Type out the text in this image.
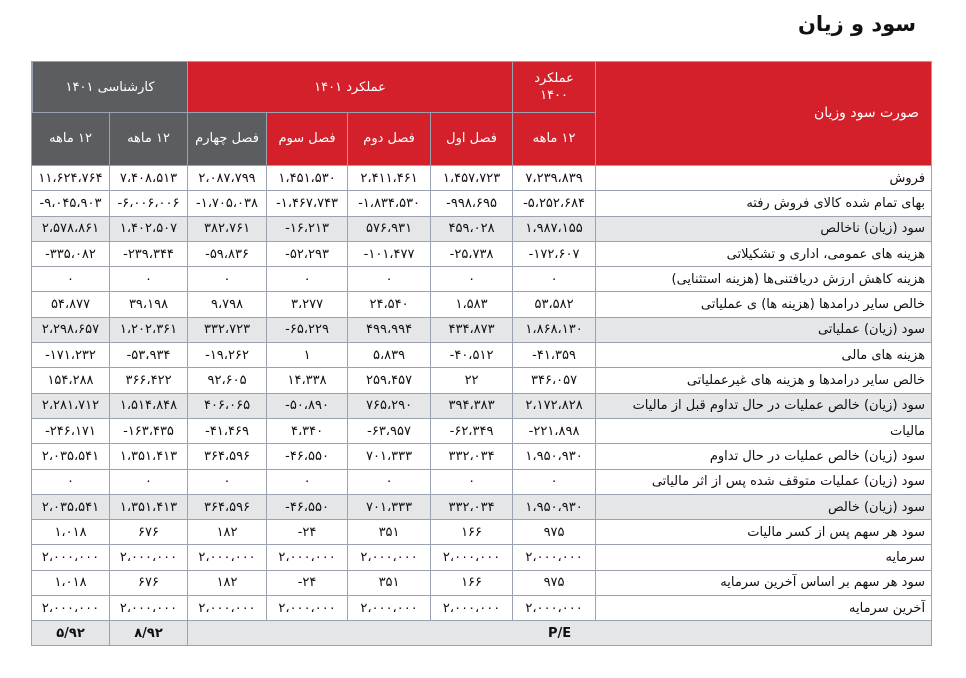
سود و زیان
صورت سود وزیان	عملکرد ۱۴۰۰	عملکرد ۱۴۰۱				کارشناسی ۱۴۰۱

	۱۲ ماهه	فصل اول	فصل دوم	فصل سوم	فصل چهارم	۱۲ ماهه	۱۲ ماهه	
فروش	۷،۲۳۹،۸۳۹	۱،۴۵۷،۷۲۳	۲،۴۱۱،۴۶۱	۱،۴۵۱،۵۳۰	۲،۰۸۷،۷۹۹	۷،۴۰۸،۵۱۳	۱۱،۶۲۴،۷۶۴	
بهای تمام شده کالای فروش رفته	-۵،۲۵۲،۶۸۴	-۹۹۸،۶۹۵	-۱،۸۳۴،۵۳۰	-۱،۴۶۷،۷۴۳	-۱،۷۰۵،۰۳۸	-۶،۰۰۶،۰۰۶	-۹،۰۴۵،۹۰۳	
سود (زیان) ناخالص	۱،۹۸۷،۱۵۵	۴۵۹،۰۲۸	۵۷۶،۹۳۱	-۱۶،۲۱۳	۳۸۲،۷۶۱	۱،۴۰۲،۵۰۷	۲،۵۷۸،۸۶۱	
هزینه های عمومی، اداری و تشکیلاتی	-۱۷۲،۶۰۷	-۲۵،۷۳۸	-۱۰۱،۴۷۷	-۵۲،۲۹۳	-۵۹،۸۳۶	-۲۳۹،۳۴۴	-۳۳۵،۰۸۲	
هزینه کاهش ارزش دریافتنی‌ها (هزینه استثنایی)	۰	۰	۰	۰	۰	۰	۰	
خالص سایر درامدها (هزینه ها) ی عملیاتی	۵۳،۵۸۲	۱،۵۸۳	۲۴،۵۴۰	۳،۲۷۷	۹،۷۹۸	۳۹،۱۹۸	۵۴،۸۷۷	
سود (زیان) عملیاتی	۱،۸۶۸،۱۳۰	۴۳۴،۸۷۳	۴۹۹،۹۹۴	-۶۵،۲۲۹	۳۳۲،۷۲۳	۱،۲۰۲،۳۶۱	۲،۲۹۸،۶۵۷	
هزینه های مالی	-۴۱،۳۵۹	-۴۰،۵۱۲	۵،۸۳۹	۱	-۱۹،۲۶۲	-۵۳،۹۳۴	-۱۷۱،۲۳۲	
خالص سایر درامدها و هزینه های غیرعملیاتی	۳۴۶،۰۵۷	۲۲	۲۵۹،۴۵۷	۱۴،۳۳۸	۹۲،۶۰۵	۳۶۶،۴۲۲	۱۵۴،۲۸۸	
سود (زیان) خالص عملیات در حال تداوم قبل از مالیات	۲،۱۷۲،۸۲۸	۳۹۴،۳۸۳	۷۶۵،۲۹۰	-۵۰،۸۹۰	۴۰۶،۰۶۵	۱،۵۱۴،۸۴۸	۲،۲۸۱،۷۱۲	
مالیات	-۲۲۱،۸۹۸	-۶۲،۳۴۹	-۶۳،۹۵۷	۴،۳۴۰	-۴۱،۴۶۹	-۱۶۳،۴۳۵	-۲۴۶،۱۷۱	
سود (زیان) خالص عملیات در حال تداوم	۱،۹۵۰،۹۳۰	۳۳۲،۰۳۴	۷۰۱،۳۳۳	-۴۶،۵۵۰	۳۶۴،۵۹۶	۱،۳۵۱،۴۱۳	۲،۰۳۵،۵۴۱	
سود (زیان) عملیات متوقف شده پس از اثر مالیاتی	۰	۰	۰	۰	۰	۰	۰	
سود (زیان) خالص	۱،۹۵۰،۹۳۰	۳۳۲،۰۳۴	۷۰۱،۳۳۳	-۴۶،۵۵۰	۳۶۴،۵۹۶	۱،۳۵۱،۴۱۳	۲،۰۳۵،۵۴۱	
سود هر سهم پس از کسر مالیات	۹۷۵	۱۶۶	۳۵۱	-۲۴	۱۸۲	۶۷۶	۱،۰۱۸	
سرمایه	۲،۰۰۰،۰۰۰	۲،۰۰۰،۰۰۰	۲،۰۰۰،۰۰۰	۲،۰۰۰،۰۰۰	۲،۰۰۰،۰۰۰	۲،۰۰۰،۰۰۰	۲،۰۰۰،۰۰۰	
سود هر سهم بر اساس آخرین سرمایه	۹۷۵	۱۶۶	۳۵۱	-۲۴	۱۸۲	۶۷۶	۱،۰۱۸	
آخرین سرمایه	۲،۰۰۰،۰۰۰	۲،۰۰۰،۰۰۰	۲،۰۰۰،۰۰۰	۲،۰۰۰،۰۰۰	۲،۰۰۰،۰۰۰	۲،۰۰۰،۰۰۰	۲،۰۰۰،۰۰۰	
P/E						۸/۹۲	۵/۹۲	
